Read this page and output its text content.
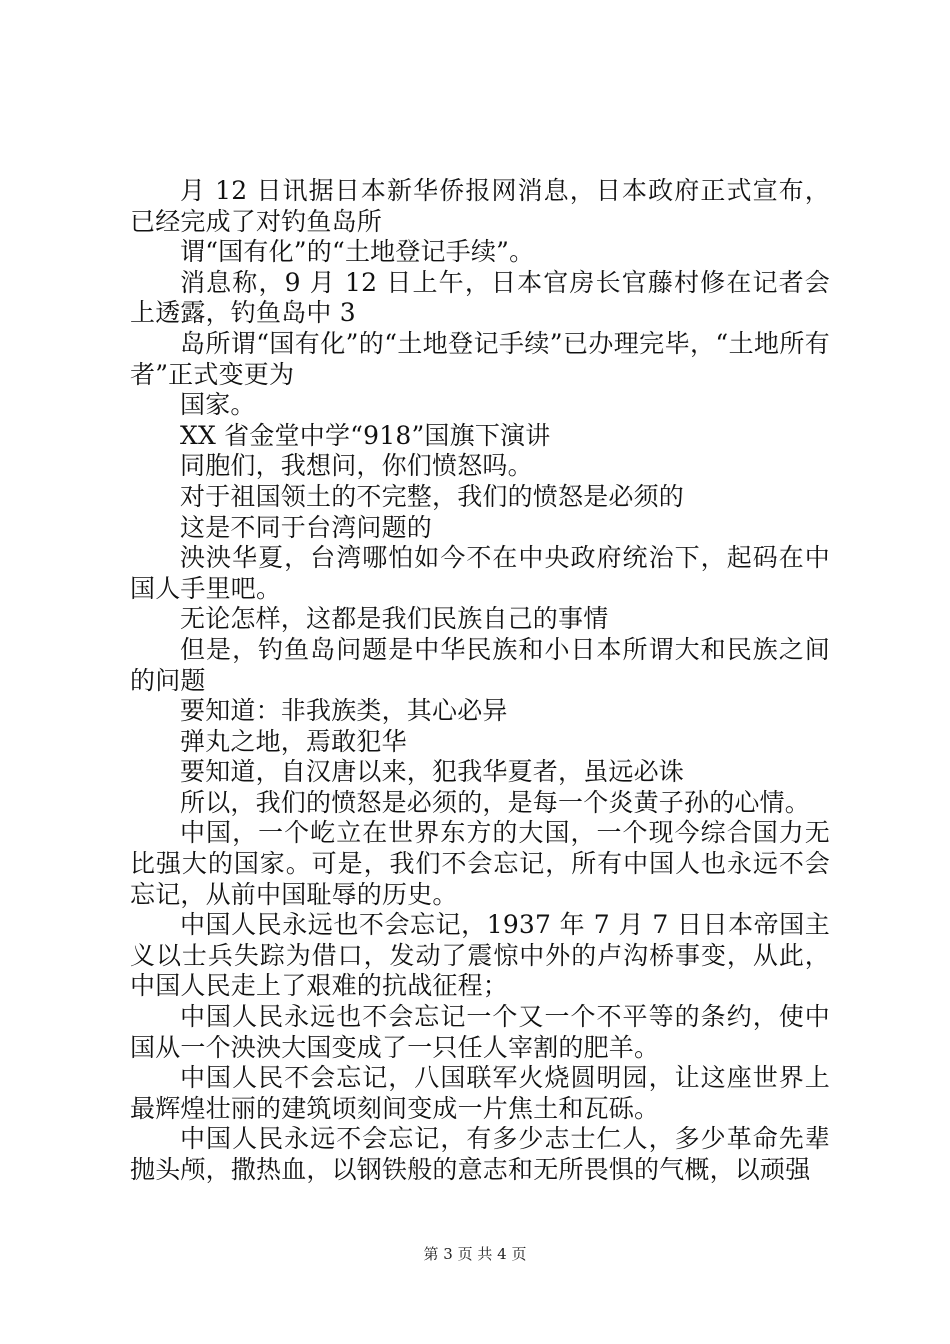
月 12 日讯据日本新华侨报网消息，日本政府正式宣布，已经完成了对钓鱼岛所

谓“国有化”的“土地登记手续”。

消息称，9 月 12 日上午，日本官房长官藤村修在记者会上透露，钓鱼岛中 3

岛所谓“国有化”的“土地登记手续”已办理完毕，“土地所有者”正式变更为

国家。

XX 省金堂中学“918”国旗下演讲

同胞们，我想问，你们愤怒吗。

对于祖国领土的不完整，我们的愤怒是必须的

这是不同于台湾问题的

泱泱华夏，台湾哪怕如今不在中央政府统治下，起码在中国人手里吧。

无论怎样，这都是我们民族自己的事情

但是，钓鱼岛问题是中华民族和小日本所谓大和民族之间的问题

要知道：非我族类，其心必异

弹丸之地，焉敢犯华

要知道，自汉唐以来，犯我华夏者，虽远必诛

所以，我们的愤怒是必须的，是每一个炎黄子孙的心情。

中国，一个屹立在世界东方的大国，一个现今综合国力无比强大的国家。可是，我们不会忘记，所有中国人也永远不会忘记，从前中国耻辱的历史。

中国人民永远也不会忘记，1937 年 7 月 7 日日本帝国主义以士兵失踪为借口，发动了震惊中外的卢沟桥事变，从此，中国人民走上了艰难的抗战征程；

中国人民永远也不会忘记一个又一个不平等的条约，使中国从一个泱泱大国变成了一只任人宰割的肥羊。

中国人民不会忘记，八国联军火烧圆明园，让这座世界上最辉煌壮丽的建筑顷刻间变成一片焦土和瓦砾。

中国人民永远不会忘记，有多少志士仁人，多少革命先辈抛头颅，撒热血，以钢铁般的意志和无所畏惧的气概，以顽强

第 3 页 共 4 页
